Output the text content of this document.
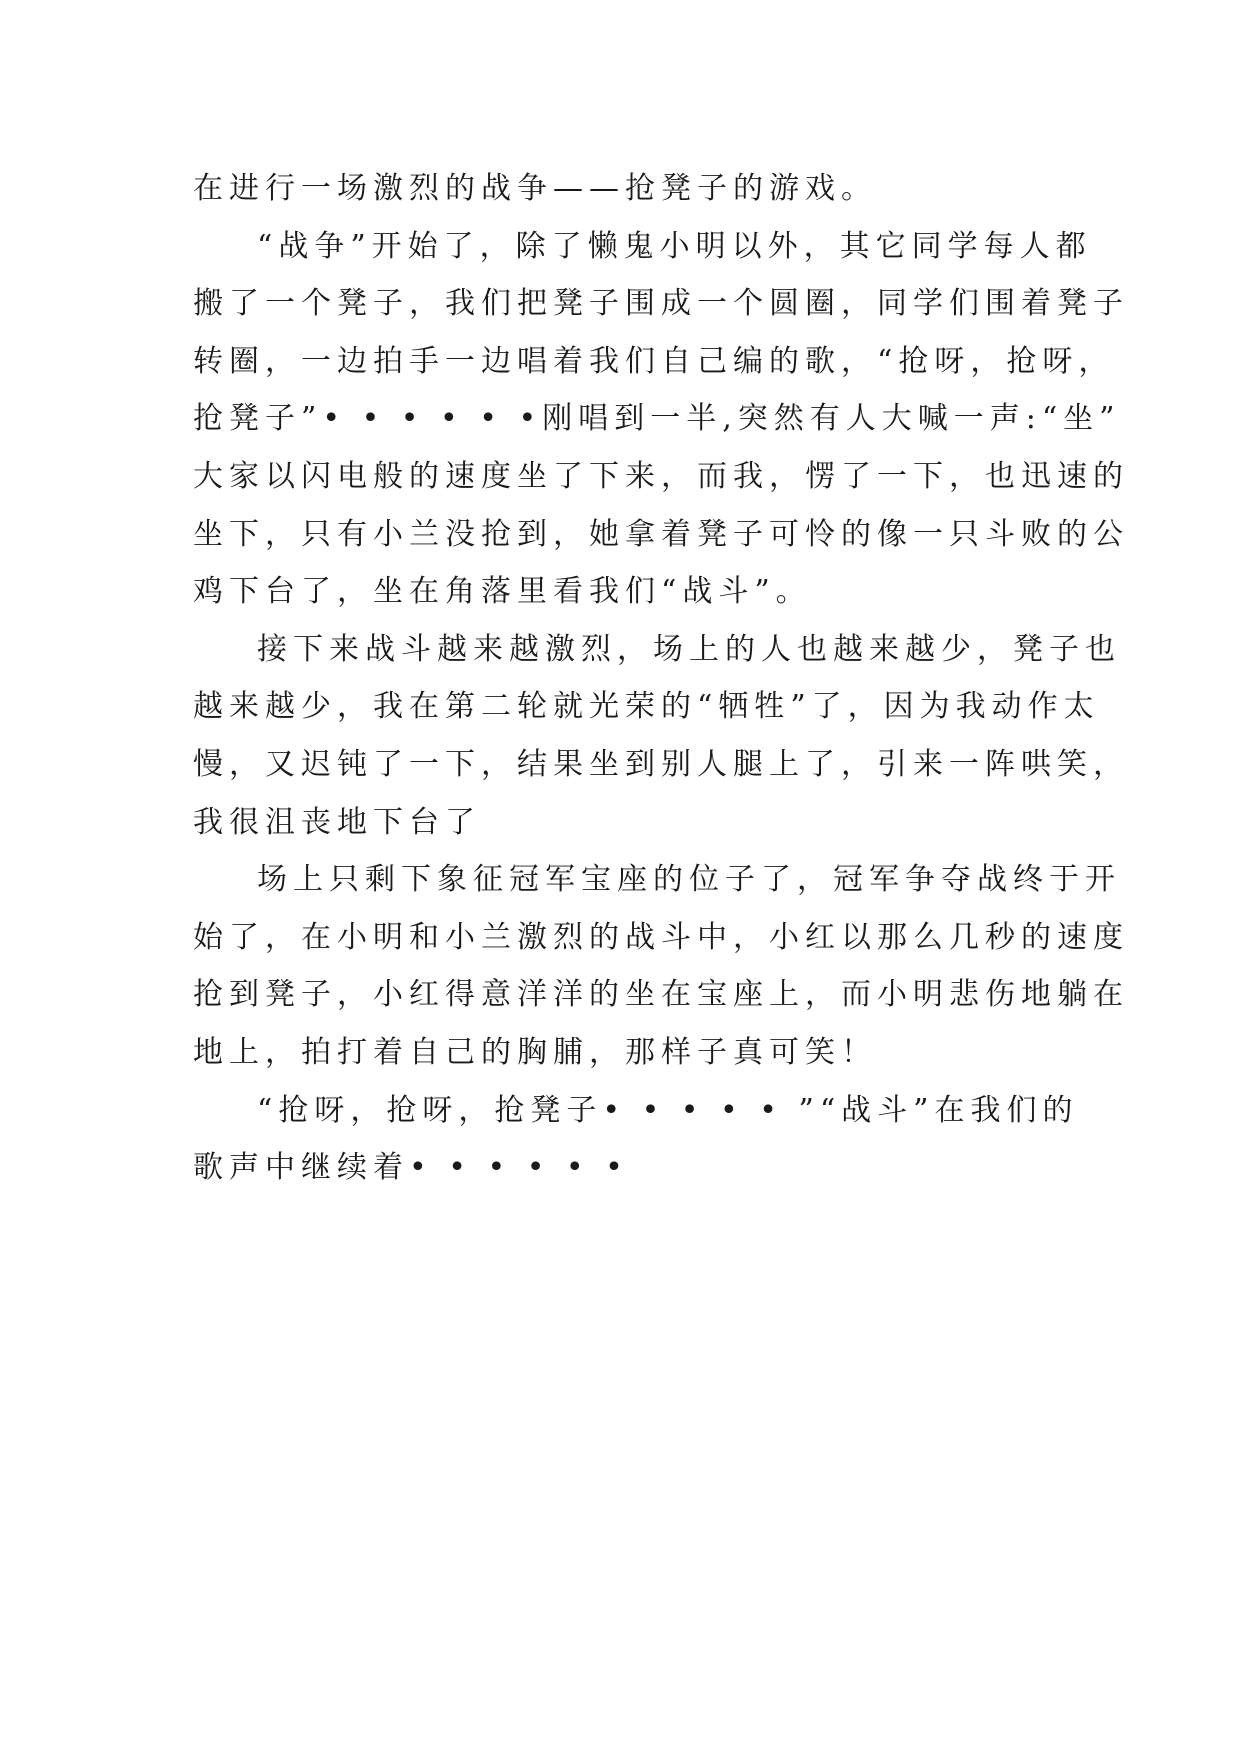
在进行一场激烈的战争——抢凳子的游戏。
“战争”开始了，除了懒鬼小明以外，其它同学每人都
搬了一个凳子，我们把凳子围成一个圆圈，同学们围着凳子
转圈，一边拍手一边唱着我们自己编的歌，“抢呀，抢呀，
抢凳子”• • • • • •刚唱到一半,突然有人大喊一声:“坐”
大家以闪电般的速度坐了下来，而我，愣了一下，也迅速的
坐下，只有小兰没抢到，她拿着凳子可怜的像一只斗败的公
鸡下台了，坐在角落里看我们“战斗”。
接下来战斗越来越激烈，场上的人也越来越少，凳子也
越来越少，我在第二轮就光荣的“牺牲”了，因为我动作太
慢，又迟钝了一下，结果坐到别人腿上了，引来一阵哄笑，
我很沮丧地下台了
场上只剩下象征冠军宝座的位子了，冠军争夺战终于开
始了，在小明和小兰激烈的战斗中，小红以那么几秒的速度
抢到凳子，小红得意洋洋的坐在宝座上，而小明悲伤地躺在
地上，拍打着自己的胸脯，那样子真可笑！
“抢呀，抢呀，抢凳子• • • • • ”“战斗”在我们的
歌声中继续着• • • • • •
